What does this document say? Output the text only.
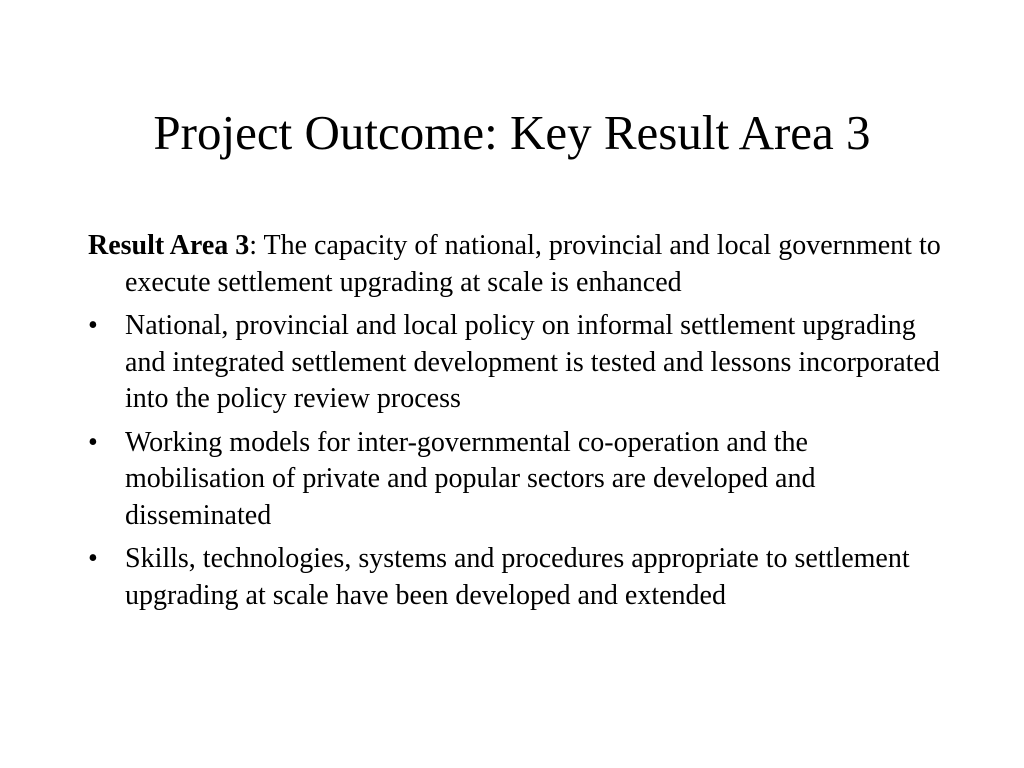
Project Outcome: Key Result Area 3

Result Area 3: The capacity of national, provincial and local government to execute settlement upgrading at scale is enhanced

• National, provincial and local policy on informal settlement upgrading and integrated settlement development is tested and lessons incorporated into the policy review process
• Working models for inter-governmental co-operation and the mobilisation of private and popular sectors are developed and disseminated
• Skills, technologies, systems and procedures appropriate to settlement upgrading at scale have been developed and extended
